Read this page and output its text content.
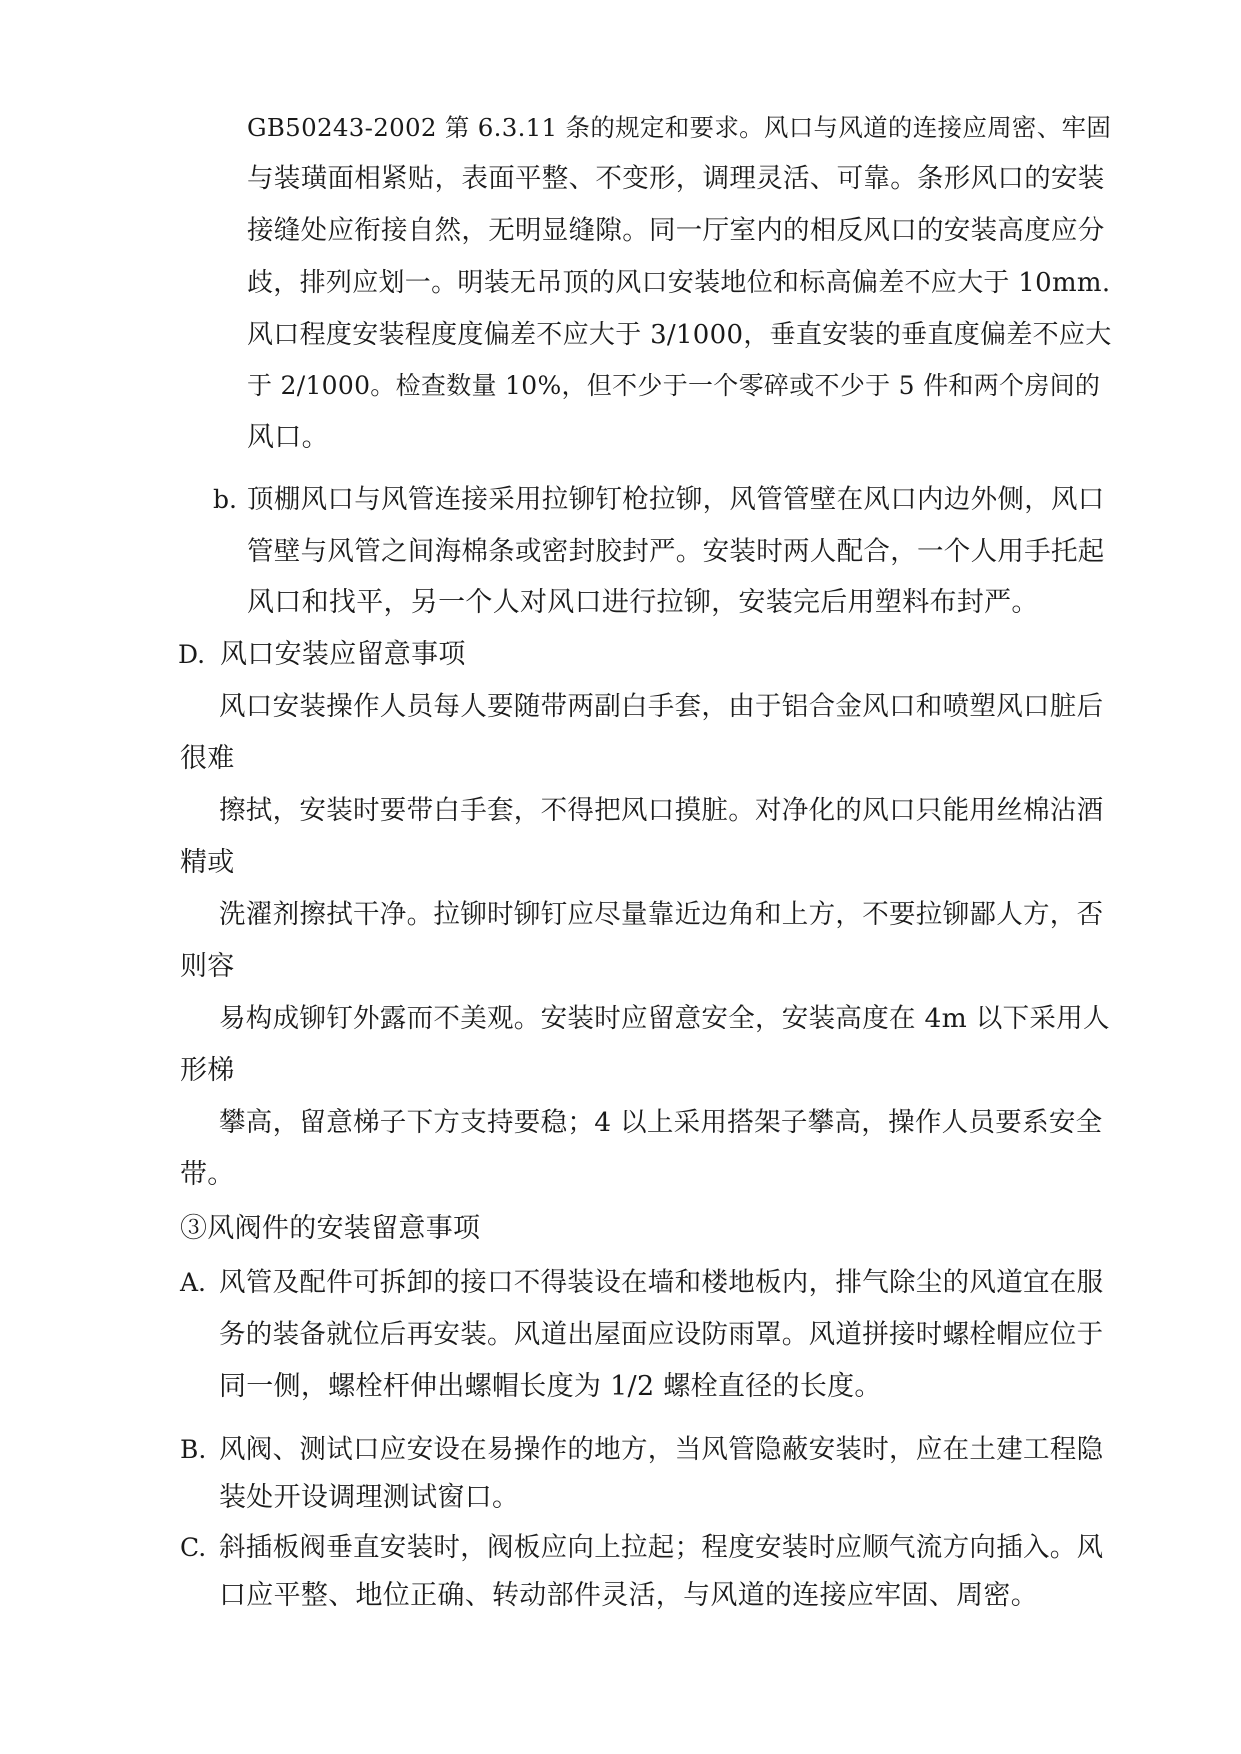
GB50243-2002 第 6.3.11 条的规定和要求。风口与风道的连接应周密、牢固
与装璜面相紧贴，表面平整、不变形，调理灵活、可靠。条形风口的安装
接缝处应衔接自然，无明显缝隙。同一厅室内的相反风口的安装高度应分
歧，排列应划一。明装无吊顶的风口安装地位和标高偏差不应大于 10mm.
风口程度安装程度度偏差不应大于 3/1000，垂直安装的垂直度偏差不应大
于 2/1000。检查数量 10%，但不少于一个零碎或不少于 5 件和两个房间的
风口。
b. 顶棚风口与风管连接采用拉铆钉枪拉铆，风管管壁在风口内边外侧，风口
管壁与风管之间海棉条或密封胶封严。安装时两人配合，一个人用手托起
风口和找平，另一个人对风口进行拉铆，安装完后用塑料布封严。
D. 风口安装应留意事项
风口安装操作人员每人要随带两副白手套，由于铝合金风口和喷塑风口脏后
很难
擦拭，安装时要带白手套，不得把风口摸脏。对净化的风口只能用丝棉沾酒
精或
洗濯剂擦拭干净。拉铆时铆钉应尽量靠近边角和上方，不要拉铆鄙人方，否
则容
易构成铆钉外露而不美观。安装时应留意安全，安装高度在 4m 以下采用人
形梯
攀高，留意梯子下方支持要稳；4 以上采用搭架子攀高，操作人员要系安全
带。
③风阀件的安装留意事项
A. 风管及配件可拆卸的接口不得装设在墙和楼地板内，排气除尘的风道宜在服
务的装备就位后再安装。风道出屋面应设防雨罩。风道拼接时螺栓帽应位于
同一侧，螺栓杆伸出螺帽长度为 1/2 螺栓直径的长度。
B. 风阀、测试口应安设在易操作的地方，当风管隐蔽安装时，应在土建工程隐
装处开设调理测试窗口。
C. 斜插板阀垂直安装时，阀板应向上拉起；程度安装时应顺气流方向插入。风
口应平整、地位正确、转动部件灵活，与风道的连接应牢固、周密。
